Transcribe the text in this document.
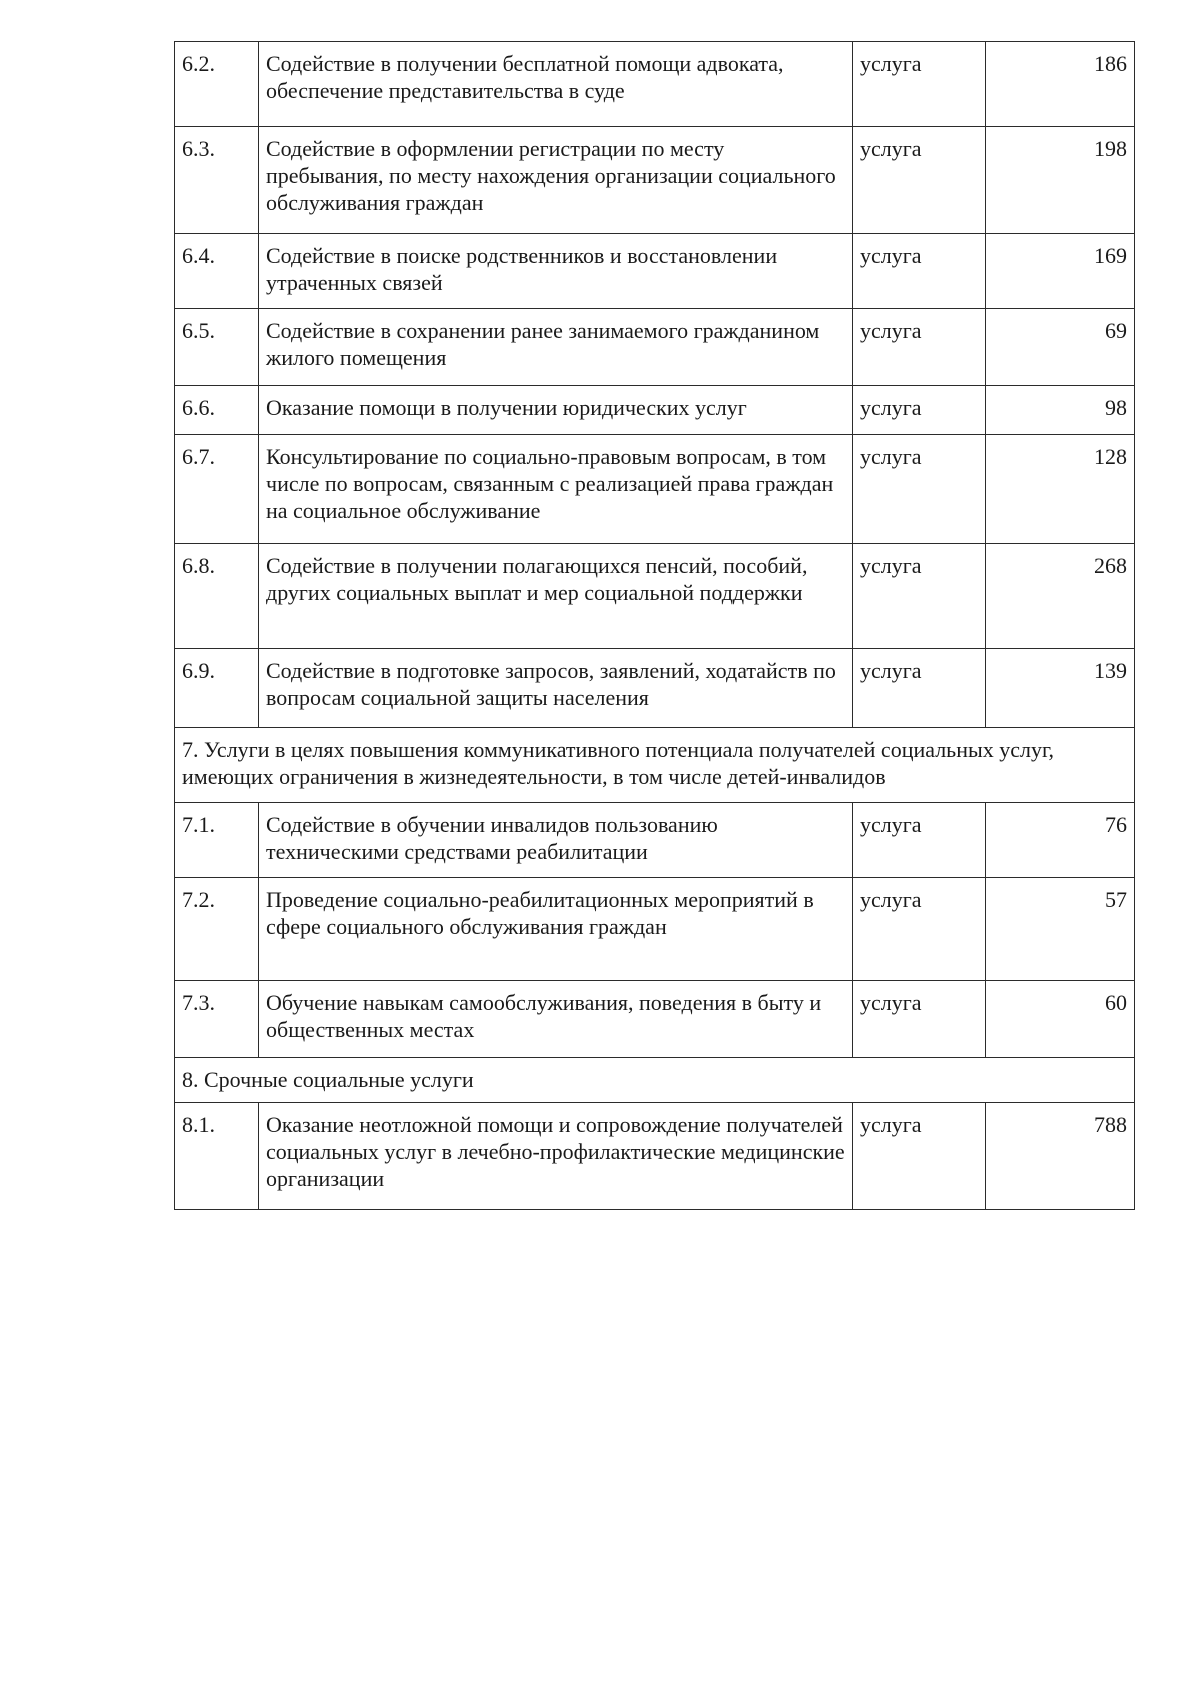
6.2.	Содействие в получении бесплатной помощи адвоката, обеспечение представительства в суде	услуга	186
6.3.	Содействие в оформлении регистрации по месту пребывания, по месту нахождения организации социального обслуживания граждан	услуга	198
6.4.	Содействие в поиске родственников и восстановлении утраченных связей	услуга	169
6.5.	Содействие в сохранении ранее занимаемого гражданином жилого помещения	услуга	69
6.6.	Оказание помощи в получении юридических услуг	услуга	98
6.7.	Консультирование по социально-правовым вопросам, в том числе по вопросам, связанным с реализацией права граждан на социальное обслуживание	услуга	128
6.8.	Содействие в получении полагающихся пенсий, пособий, других социальных выплат и мер социальной поддержки	услуга	268
6.9.	Содействие в подготовке запросов, заявлений, ходатайств по вопросам социальной защиты населения	услуга	139
7. Услуги в целях повышения коммуникативного потенциала получателей социальных услуг, имеющих ограничения в жизнедеятельности, в том числе детей-инвалидов			
7.1.	Содействие в обучении инвалидов пользованию техническими средствами реабилитации	услуга	76
7.2.	Проведение социально-реабилитационных мероприятий в сфере социального обслуживания граждан	услуга	57
7.3.	Обучение навыкам самообслуживания, поведения в быту и общественных местах	услуга	60
8. Срочные социальные услуги			
8.1.	Оказание неотложной помощи и сопровождение получателей социальных услуг в лечебно-профилактические медицинские организации	услуга	788
